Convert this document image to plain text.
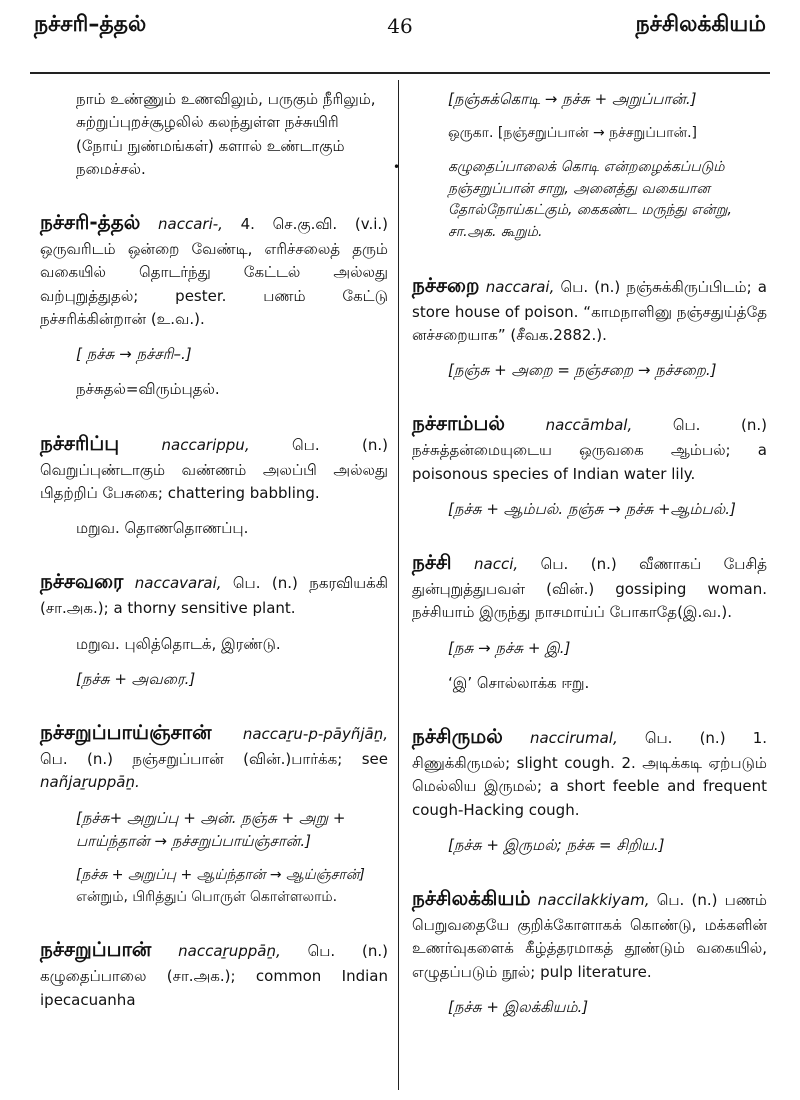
நச்சரி–த்தல்	46	நச்சிலக்கியம்
•

நாம் உண்ணும் உணவிலும், பருகும் நீரிலும், சுற்றுப்புறச்சூழலில் கலந்துள்ள நச்சுயிரி (நோய் நுண்மங்கள்) களால் உண்டாகும் நமைச்சல்.

நச்சரி-த்தல் naccari-, 4. செ.கு.வி. (v.i.) ஒருவரிடம் ஒன்றை வேண்டி, எரிச்சலைத் தரும் வகையில் தொடர்ந்து கேட்டல் அல்லது வற்புறுத்துதல்; pester. பணம் கேட்டு நச்சரிக்கின்றான் (உ.வ.).

[ நச்சு → நச்சரி–.]

நச்சுதல்=விரும்புதல்.

நச்சரிப்பு	naccarippu, பெ. (n.) வெறுப்புண்டாகும் வண்ணம் அலப்பி அல்லது பிதற்றிப் பேசுகை; chattering babbling.

மறுவ. தொணதொணப்பு.

நச்சவரை naccavarai, பெ. (n.) நகரவியக்கி (சா.அக.); a thorny sensitive plant.

மறுவ. புலித்தொடக், இரண்டு.

[நச்சு + அவரை.]

நச்சறுப்பாய்ஞ்சான் naccaṟu-p-pāyñjāṉ, பெ. (n.) நஞ்சறுப்பான் (வின்.)பார்க்க; see nañjaṟuppāṉ.

[நச்சு+ அறுப்பு + அன். நஞ்சு + அறு + பாய்ந்தான் → நச்சறுப்பாய்ஞ்சான்.]

[நச்சு + அறுப்பு + ஆய்ந்தான் → ஆய்ஞ்சான்] என்றும், பிரித்துப் பொருள் கொள்ளலாம்.

நச்சறுப்பான் naccaṟuppāṉ, பெ. (n.) கழுதைப்பாலை (சா.அக.); common Indian ipecacuanha

[நஞ்சுக்கொடி → நச்சு + அறுப்பான்.]

ஒருகா. [நஞ்சறுப்பான் → நச்சறுப்பான்.]

கழுதைப்பாலைக் கொடி என்றழைக்கப்படும் நஞ்சறுப்பான் சாறு, அனைத்து வகையான தோல்நோய்கட்கும், கைகண்ட மருந்து என்று, சா.அக. கூறும்.

நச்சறை naccarai, பெ. (n.) நஞ்சுக்கிருப்பிடம்; a store house of poison. “காமநாளினு நஞ்சதுய்த்தே னச்சறையாக” (சீவக.2882.).

[நஞ்சு + அறை = நஞ்சறை → நச்சறை.]

நச்சாம்பல்	naccāmbal, பெ. (n.) நச்சுத்தன்மையுடைய ஒருவகை ஆம்பல்; a poisonous species of Indian water lily.

[நச்சு + ஆம்பல். நஞ்சு → நச்சு +ஆம்பல்.]

நச்சி nacci, பெ. (n.) வீணாகப் பேசித் துன்புறுத்துபவள் (வின்.) gossiping woman. நச்சியாம் இருந்து நாசமாய்ப் போகாதே(இ.வ.).

[நசு → நச்சு + இ.]

‘இ’ சொல்லாக்க ஈறு.

நச்சிருமல் naccirumal, பெ. (n.) 1. சிணுக்கிருமல்; slight cough. 2. அடிக்கடி ஏற்படும் மெல்லிய இருமல்; a short feeble and frequent cough-Hacking cough.

[நச்சு + இருமல்; நச்சு = சிறிய.]

நச்சிலக்கியம் naccilakkiyam, பெ. (n.) பணம் பெறுவதையே குறிக்கோளாகக் கொண்டு, மக்களின் உணர்வுகளைக் கீழ்த்தரமாகத் தூண்டும் வகையில், எழுதப்படும் நூல்; pulp literature.

[நச்சு + இலக்கியம்.]
